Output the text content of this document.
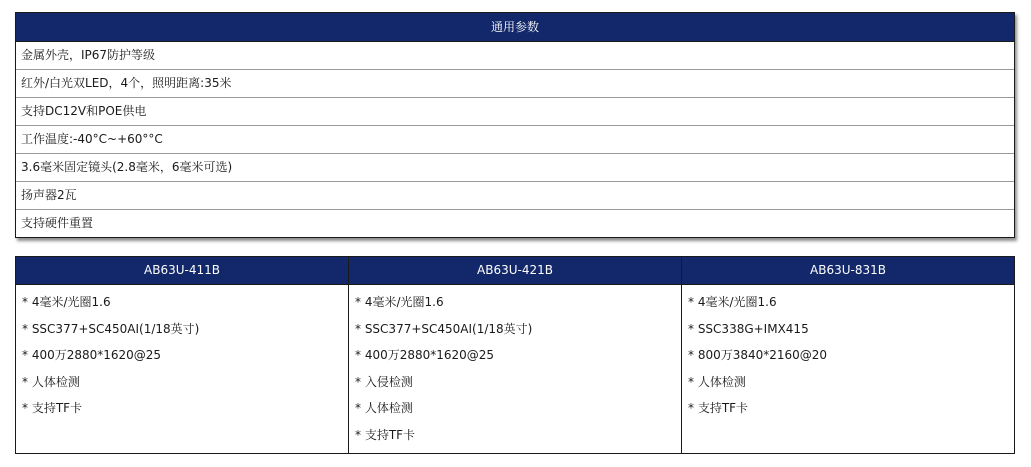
通用参数
金属外壳，IP67防护等级
红外/白光双LED，4个，照明距离:35米
支持DC12V和POE供电
工作温度:-40°C~+60°°C
3.6毫米固定镜头(2.8毫米，6毫米可选)
扬声器2瓦
支持硬件重置
AB63U-411B
* 4毫米/光圈1.6
* SSC377+SC450AI(1/18英寸)
* 400万2880*1620@25
* 人体检测
* 支持TF卡
AB63U-421B
* 4毫米/光圈1.6
* SSC377+SC450AI(1/18英寸)
* 400万2880*1620@25
* 入侵检测
* 人体检测
* 支持TF卡
AB63U-831B
* 4毫米/光圈1.6
* SSC338G+IMX415
* 800万3840*2160@20
* 人体检测
* 支持TF卡
